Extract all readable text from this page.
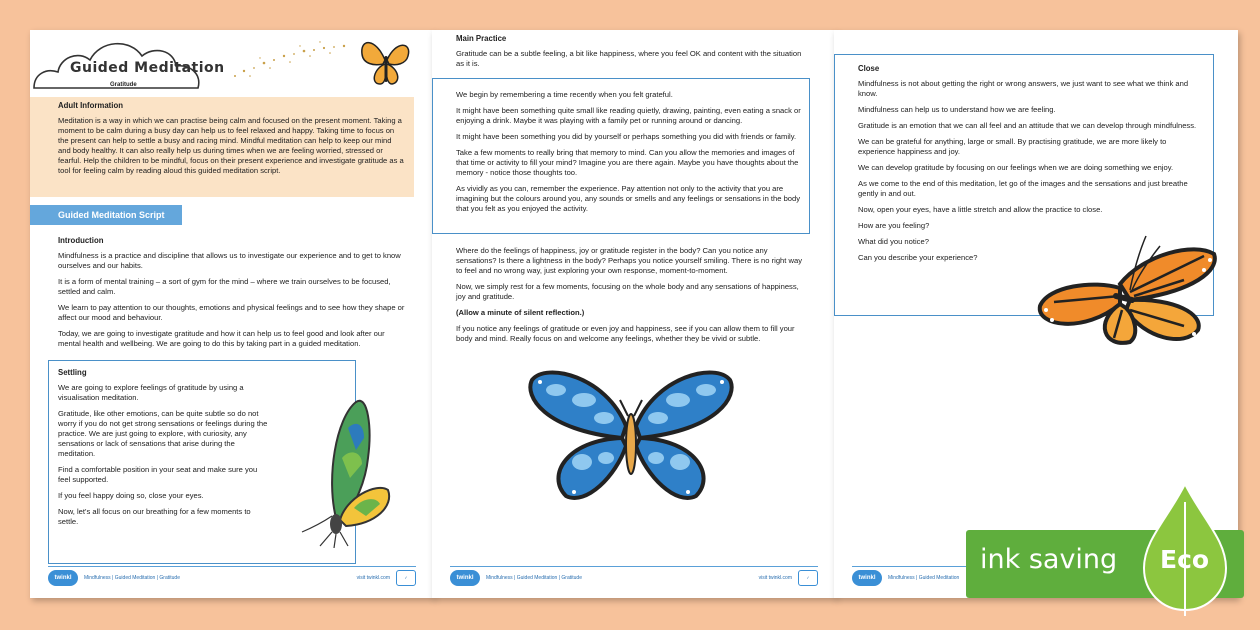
Guided Meditation
Gratitude
Adult Information

Meditation is a way in which we can practise being calm and focused on the present moment. Taking a moment to be calm during a busy day can help us to feel relaxed and happy. Taking time to focus on the present can help to settle a busy and racing mind. Mindful meditation can help to keep our mind and body healthy. It can also really help us during times when we are feeling worried, stressed or fearful. Help the children to be mindful, focus on their present experience and investigate gratitude as a tool for feeling calm by reading aloud this guided meditation script.

Guided Meditation Script
Introduction

Mindfulness is a practice and discipline that allows us to investigate our experience and to get to know ourselves and our habits.

It is a form of mental training – a sort of gym for the mind – where we train ourselves to be focused, settled and calm.

We learn to pay attention to our thoughts, emotions and physical feelings and to see how they shape or affect our mood and behaviour.

Today, we are going to investigate gratitude and how it can help us to feel good and look after our mental health and wellbeing. We are going to do this by taking part in a guided meditation.

Settling

We are going to explore feelings of gratitude by using a visualisation meditation.

Gratitude, like other emotions, can be quite subtle so do not worry if you do not get strong sensations or feelings during the practice. We are just going to explore, with curiosity, any sensations or lack of sensations that arise during the meditation.

Find a comfortable position in your seat and make sure you feel supported.

If you feel happy doing so, close your eyes.

Now, let's all focus on our breathing for a few moments to settle.

twinkl	Mindfulness | Guided Meditation | Gratitude	visit twinkl.com	✓
Main Practice

Gratitude can be a subtle feeling, a bit like happiness, where you feel OK and content with the situation as it is.

We begin by remembering a time recently when you felt grateful.

It might have been something quite small like reading quietly, drawing, painting, even eating a snack or enjoying a drink. Maybe it was playing with a family pet or running around or dancing.

It might have been something you did by yourself or perhaps something you did with friends or family.

Take a few moments to really bring that memory to mind. Can you allow the memories and images of that time or activity to fill your mind? Imagine you are there again. Maybe you have thoughts about the memory - notice those thoughts too.

As vividly as you can, remember the experience. Pay attention not only to the activity that you are imagining but the colours around you, any sounds or smells and any feelings or sensations in the body that you felt as you enjoyed the activity.

Where do the feelings of happiness, joy or gratitude register in the body? Can you notice any sensations? Is there a lightness in the body? Perhaps you notice yourself smiling. There is no right way to feel and no wrong way, just exploring your own response, moment-to-moment.

Now, we simply rest for a few moments, focusing on the whole body and any sensations of happiness, joy and gratitude.

(Allow a minute of silent reflection.)

If you notice any feelings of gratitude or even joy and happiness, see if you can allow them to fill your body and mind. Really focus on and welcome any feelings, whether they be vivid or subtle.

twinkl	Mindfulness | Guided Meditation | Gratitude	visit twinkl.com	✓
Close

Mindfulness is not about getting the right or wrong answers, we just want to see what we think and know.

Mindfulness can help us to understand how we are feeling.

Gratitude is an emotion that we can all feel and an attitude that we can develop through mindfulness.

We can be grateful for anything, large or small. By practising gratitude, we are more likely to experience happiness and joy.

We can develop gratitude by focusing on our feelings when we are doing something we enjoy.

As we come to the end of this meditation, let go of the images and the sensations and just breathe gently in and out.

Now, open your eyes, have a little stretch and allow the practice to close.

How are you feeling?

What did you notice?

Can you describe your experience?

twinkl	Mindfulness | Guided Meditation
ink saving Eco
